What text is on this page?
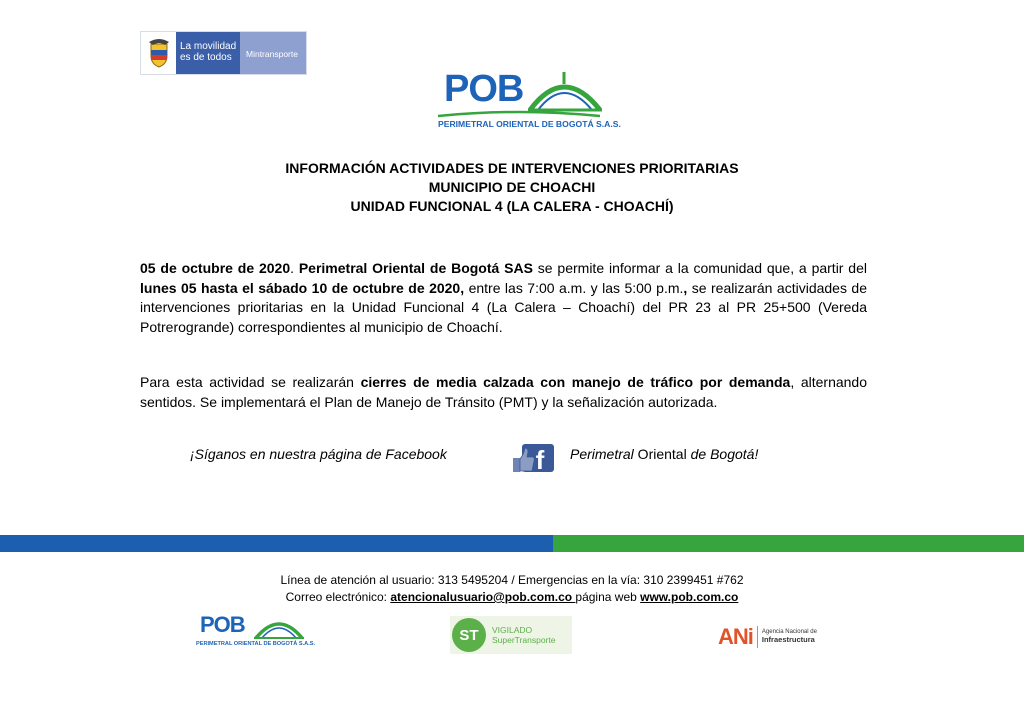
La movilidad
es de todos	Mintransporte
POB
PERIMETRAL ORIENTAL DE BOGOTÁ S.A.S.
INFORMACIÓN ACTIVIDADES DE INTERVENCIONES PRIORITARIAS
MUNICIPIO DE CHOACHI
UNIDAD FUNCIONAL 4 (LA CALERA - CHOACHÍ)
05 de octubre de 2020. Perimetral Oriental de Bogotá SAS se permite informar a la comunidad que, a partir del lunes 05 hasta el sábado 10 de octubre de 2020, entre las 7:00 a.m. y las 5:00 p.m., se realizarán actividades de intervenciones prioritarias en la Unidad Funcional 4 (La Calera – Choachí) del PR 23 al PR 25+500 (Vereda Potrerogrande) correspondientes al municipio de Choachí.
Para esta actividad se realizarán cierres de media calzada con manejo de tráfico por demanda, alternando sentidos. Se implementará el Plan de Manejo de Tránsito (PMT) y la señalización autorizada.
¡Síganos en nuestra página de Facebook	f Perimetral Oriental de Bogotá!
Línea de atención al usuario: 313 5495204 / Emergencias en la vía: 310 2399451 #762
Correo electrónico: atencionalusuario@pob.com.co página web www.pob.com.co
POB
PERIMETRAL ORIENTAL DE BOGOTÁ S.A.S.
ST	VIGILADO
SuperTransporte	ANi Agencia Nacional de
Infraestructura
